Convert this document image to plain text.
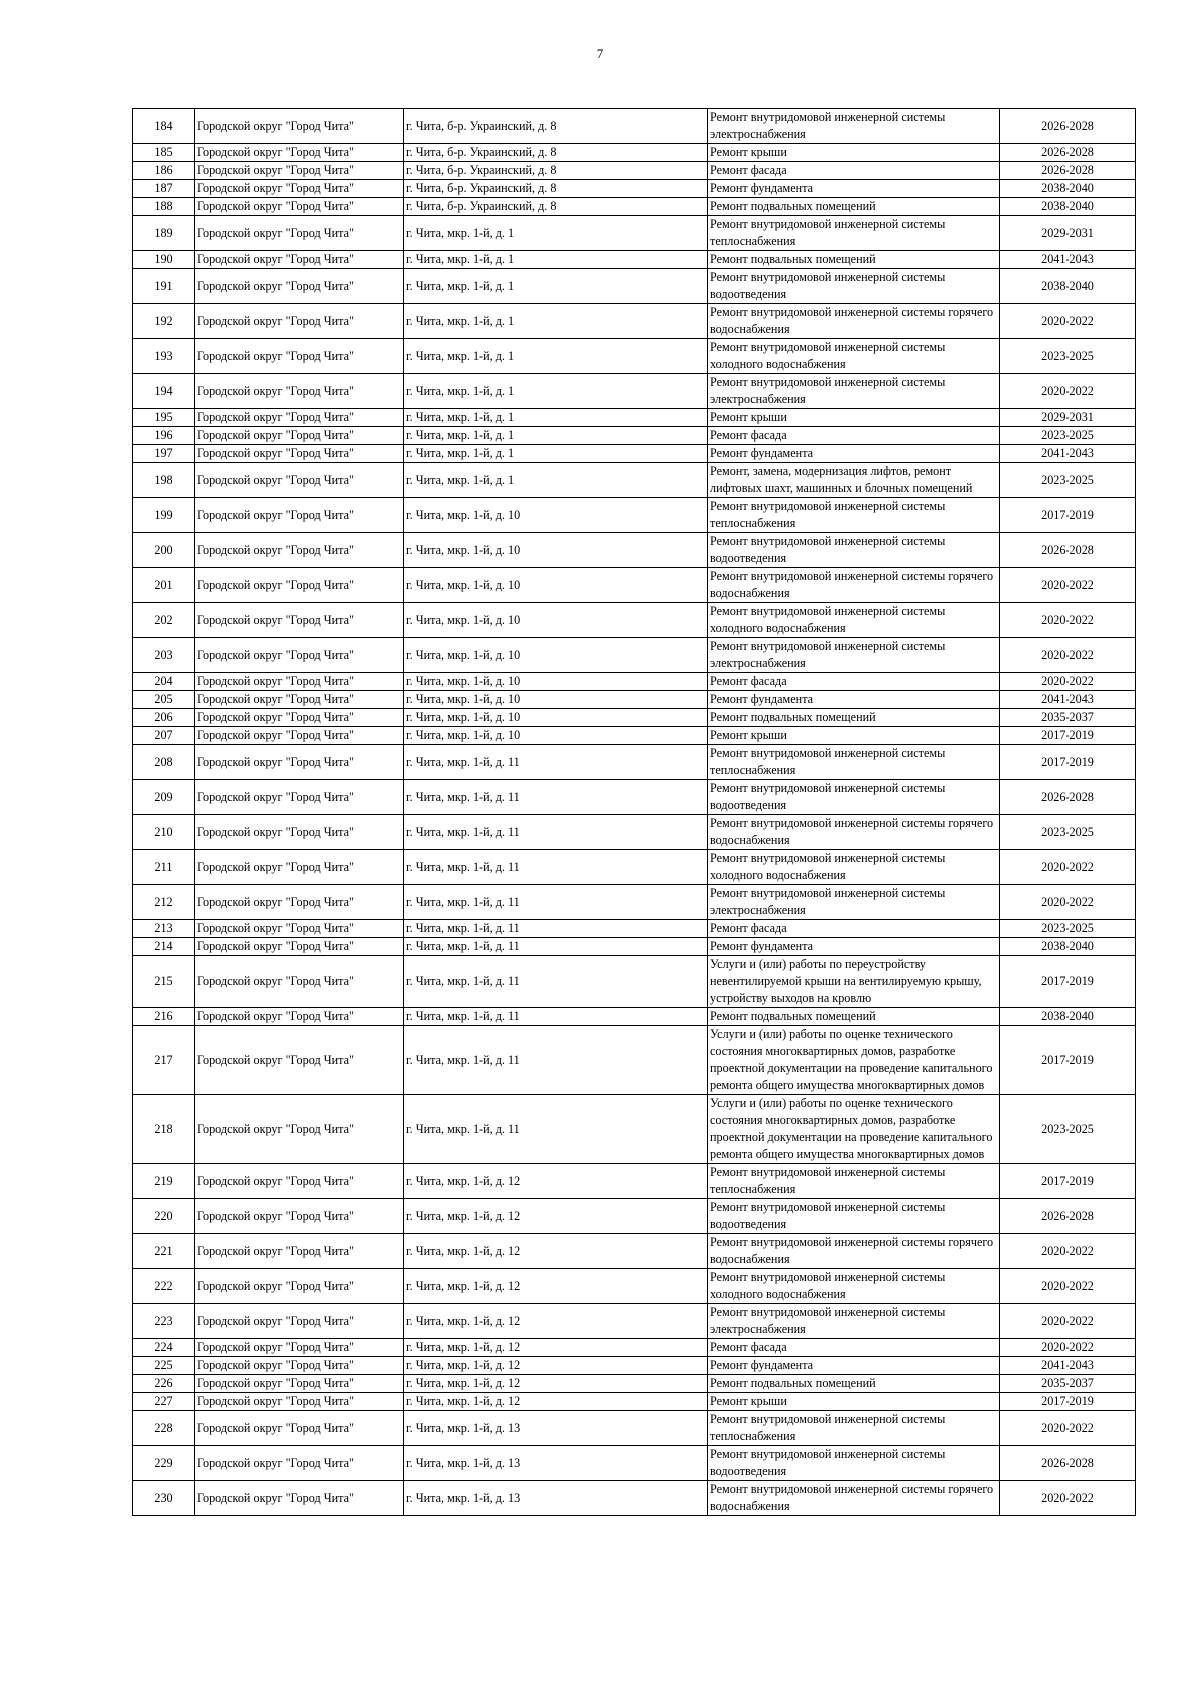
7
184	Городской округ "Город Чита"	г. Чита, б-р. Украинский, д. 8	Ремонт внутридомовой инженерной системы электроснабжения	2026-2028
185	Городской округ "Город Чита"	г. Чита, б-р. Украинский, д. 8	Ремонт крыши	2026-2028
186	Городской округ "Город Чита"	г. Чита, б-р. Украинский, д. 8	Ремонт фасада	2026-2028
187	Городской округ "Город Чита"	г. Чита, б-р. Украинский, д. 8	Ремонт фундамента	2038-2040
188	Городской округ "Город Чита"	г. Чита, б-р. Украинский, д. 8	Ремонт подвальных помещений	2038-2040
189	Городской округ "Город Чита"	г. Чита, мкр. 1-й, д. 1	Ремонт внутридомовой инженерной системы теплоснабжения	2029-2031
190	Городской округ "Город Чита"	г. Чита, мкр. 1-й, д. 1	Ремонт подвальных помещений	2041-2043
191	Городской округ "Город Чита"	г. Чита, мкр. 1-й, д. 1	Ремонт внутридомовой инженерной системы водоотведения	2038-2040
192	Городской округ "Город Чита"	г. Чита, мкр. 1-й, д. 1	Ремонт внутридомовой инженерной системы горячего водоснабжения	2020-2022
193	Городской округ "Город Чита"	г. Чита, мкр. 1-й, д. 1	Ремонт внутридомовой инженерной системы холодного водоснабжения	2023-2025
194	Городской округ "Город Чита"	г. Чита, мкр. 1-й, д. 1	Ремонт внутридомовой инженерной системы электроснабжения	2020-2022
195	Городской округ "Город Чита"	г. Чита, мкр. 1-й, д. 1	Ремонт крыши	2029-2031
196	Городской округ "Город Чита"	г. Чита, мкр. 1-й, д. 1	Ремонт фасада	2023-2025
197	Городской округ "Город Чита"	г. Чита, мкр. 1-й, д. 1	Ремонт фундамента	2041-2043
198	Городской округ "Город Чита"	г. Чита, мкр. 1-й, д. 1	Ремонт, замена, модернизация лифтов, ремонт лифтовых шахт, машинных и блочных помещений	2023-2025
199	Городской округ "Город Чита"	г. Чита, мкр. 1-й, д. 10	Ремонт внутридомовой инженерной системы теплоснабжения	2017-2019
200	Городской округ "Город Чита"	г. Чита, мкр. 1-й, д. 10	Ремонт внутридомовой инженерной системы водоотведения	2026-2028
201	Городской округ "Город Чита"	г. Чита, мкр. 1-й, д. 10	Ремонт внутридомовой инженерной системы горячего водоснабжения	2020-2022
202	Городской округ "Город Чита"	г. Чита, мкр. 1-й, д. 10	Ремонт внутридомовой инженерной системы холодного водоснабжения	2020-2022
203	Городской округ "Город Чита"	г. Чита, мкр. 1-й, д. 10	Ремонт внутридомовой инженерной системы электроснабжения	2020-2022
204	Городской округ "Город Чита"	г. Чита, мкр. 1-й, д. 10	Ремонт фасада	2020-2022
205	Городской округ "Город Чита"	г. Чита, мкр. 1-й, д. 10	Ремонт фундамента	2041-2043
206	Городской округ "Город Чита"	г. Чита, мкр. 1-й, д. 10	Ремонт подвальных помещений	2035-2037
207	Городской округ "Город Чита"	г. Чита, мкр. 1-й, д. 10	Ремонт крыши	2017-2019
208	Городской округ "Город Чита"	г. Чита, мкр. 1-й, д. 11	Ремонт внутридомовой инженерной системы теплоснабжения	2017-2019
209	Городской округ "Город Чита"	г. Чита, мкр. 1-й, д. 11	Ремонт внутридомовой инженерной системы водоотведения	2026-2028
210	Городской округ "Город Чита"	г. Чита, мкр. 1-й, д. 11	Ремонт внутридомовой инженерной системы горячего водоснабжения	2023-2025
211	Городской округ "Город Чита"	г. Чита, мкр. 1-й, д. 11	Ремонт внутридомовой инженерной системы холодного водоснабжения	2020-2022
212	Городской округ "Город Чита"	г. Чита, мкр. 1-й, д. 11	Ремонт внутридомовой инженерной системы электроснабжения	2020-2022
213	Городской округ "Город Чита"	г. Чита, мкр. 1-й, д. 11	Ремонт фасада	2023-2025
214	Городской округ "Город Чита"	г. Чита, мкр. 1-й, д. 11	Ремонт фундамента	2038-2040
215	Городской округ "Город Чита"	г. Чита, мкр. 1-й, д. 11	Услуги и (или) работы по переустройству невентилируемой крыши на вентилируемую крышу, устройству выходов на кровлю	2017-2019
216	Городской округ "Город Чита"	г. Чита, мкр. 1-й, д. 11	Ремонт подвальных помещений	2038-2040
217	Городской округ "Город Чита"	г. Чита, мкр. 1-й, д. 11	Услуги и (или) работы по оценке технического состояния многоквартирных домов, разработке проектной документации на проведение капитального ремонта общего имущества многоквартирных домов	2017-2019
218	Городской округ "Город Чита"	г. Чита, мкр. 1-й, д. 11	Услуги и (или) работы по оценке технического состояния многоквартирных домов, разработке проектной документации на проведение капитального ремонта общего имущества многоквартирных домов	2023-2025
219	Городской округ "Город Чита"	г. Чита, мкр. 1-й, д. 12	Ремонт внутридомовой инженерной системы теплоснабжения	2017-2019
220	Городской округ "Город Чита"	г. Чита, мкр. 1-й, д. 12	Ремонт внутридомовой инженерной системы водоотведения	2026-2028
221	Городской округ "Город Чита"	г. Чита, мкр. 1-й, д. 12	Ремонт внутридомовой инженерной системы горячего водоснабжения	2020-2022
222	Городской округ "Город Чита"	г. Чита, мкр. 1-й, д. 12	Ремонт внутридомовой инженерной системы холодного водоснабжения	2020-2022
223	Городской округ "Город Чита"	г. Чита, мкр. 1-й, д. 12	Ремонт внутридомовой инженерной системы электроснабжения	2020-2022
224	Городской округ "Город Чита"	г. Чита, мкр. 1-й, д. 12	Ремонт фасада	2020-2022
225	Городской округ "Город Чита"	г. Чита, мкр. 1-й, д. 12	Ремонт фундамента	2041-2043
226	Городской округ "Город Чита"	г. Чита, мкр. 1-й, д. 12	Ремонт подвальных помещений	2035-2037
227	Городской округ "Город Чита"	г. Чита, мкр. 1-й, д. 12	Ремонт крыши	2017-2019
228	Городской округ "Город Чита"	г. Чита, мкр. 1-й, д. 13	Ремонт внутридомовой инженерной системы теплоснабжения	2020-2022
229	Городской округ "Город Чита"	г. Чита, мкр. 1-й, д. 13	Ремонт внутридомовой инженерной системы водоотведения	2026-2028
230	Городской округ "Город Чита"	г. Чита, мкр. 1-й, д. 13	Ремонт внутридомовой инженерной системы горячего водоснабжения	2020-2022
